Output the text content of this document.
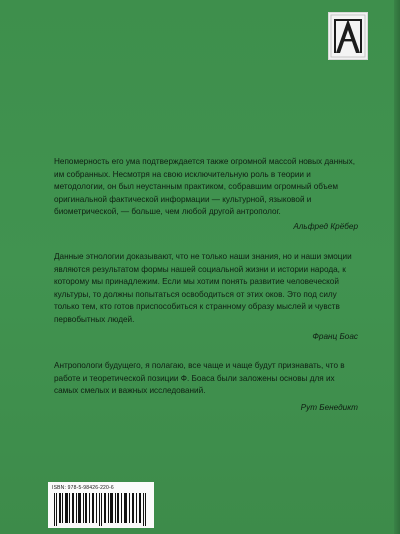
Непомерность его ума подтверждается также огромной массой новых данных, им собранных. Несмотря на свою исключительную роль в теории и методологии, он был неустанным практиком, собравшим огромный объем оригинальной фактической информации — культурной, языковой и биометрической, — больше, чем любой другой антрополог.

Альфред Крёбер

Данные этнологии доказывают, что не только наши знания, но и наши эмоции являются результатом формы нашей социальной жизни и истории народа, к которому мы принадлежим. Если мы хотим понять развитие человеческой культуры, то должны попытаться освободиться от этих оков. Это под силу только тем, кто готов приспособиться к странному образу мыслей и чувств первобытных людей.

Франц Боас

Антропологи будущего, я полагаю, все чаще и чаще будут признавать, что в работе и теоретической позиции Ф. Боаса были заложены основы для их самых смелых и важных исследований.

Рут Бенедикт
ISBN: 978-5-98426-220-6
